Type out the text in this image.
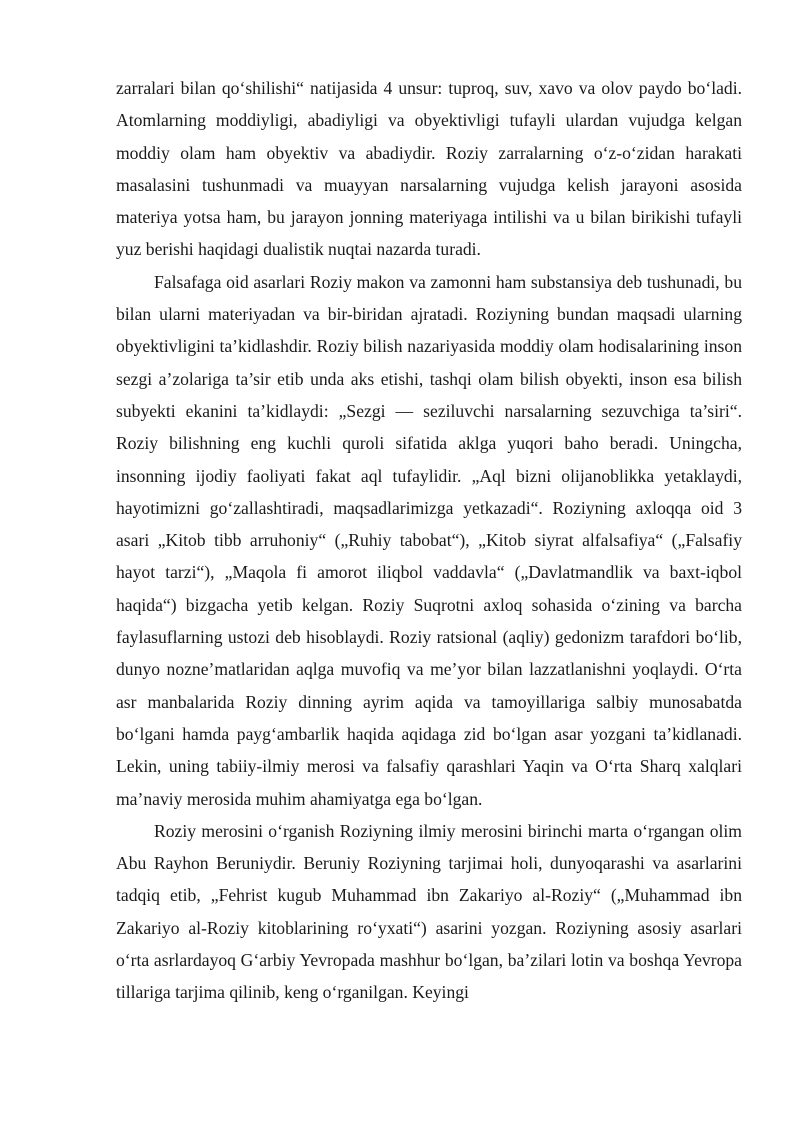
zarralari bilan qo‘shilishi“ natijasida 4 unsur: tuproq, suv, xavo va olov paydo bo‘ladi. Atomlarning moddiyligi, abadiyligi va obyektivligi tufayli ulardan vujudga kelgan moddiy olam ham obyektiv va abadiydir. Roziy zarralarning o‘z-o‘zidan harakati masalasini tushunmadi va muayyan narsalarning vujudga kelish jarayoni asosida materiya yotsa ham, bu jarayon jonning materiyaga intilishi va u bilan birikishi tufayli yuz berishi haqidagi dualistik nuqtai nazarda turadi.

Falsafaga oid asarlari Roziy makon va zamonni ham substansiya deb tushunadi, bu bilan ularni materiyadan va bir-biridan ajratadi. Roziyning bundan maqsadi ularning obyektivligini ta’kidlashdir. Roziy bilish nazariyasida moddiy olam hodisalarining inson sezgi a’zolariga ta’sir etib unda aks etishi, tashqi olam bilish obyekti, inson esa bilish subyekti ekanini ta’kidlaydi: „Sezgi — seziluvchi narsalarning sezuvchiga ta’siri“. Roziy bilishning eng kuchli quroli sifatida aklga yuqori baho beradi. Uningcha, insonning ijodiy faoliyati fakat aql tufaylidir. „Aql bizni olijanoblikka yetaklaydi, hayotimizni go‘zallashtiradi, maqsadlarimizga yetkazadi“. Roziyning axloqqa oid 3 asari „Kitob tibb arruhoniy“ („Ruhiy tabobat“), „Kitob siyrat alfalsafiya“ („Falsafiy hayot tarzi“), „Maqola fi amorot iliqbol vaddavla“ („Davlatmandlik va baxt-iqbol haqida“) bizgacha yetib kelgan. Roziy Suqrotni axloq sohasida o‘zining va barcha faylasuflarning ustozi deb hisoblaydi. Roziy ratsional (aqliy) gedonizm tarafdori bo‘lib, dunyo nozne’matlaridan aqlga muvofiq va me’yor bilan lazzatlanishni yoqlaydi. O‘rta asr manbalarida Roziy dinning ayrim aqida va tamoyillariga salbiy munosabatda bo‘lgani hamda payg‘ambarlik haqida aqidaga zid bo‘lgan asar yozgani ta’kidlanadi. Lekin, uning tabiiy-ilmiy merosi va falsafiy qarashlari Yaqin va O‘rta Sharq xalqlari ma’naviy merosida muhim ahamiyatga ega bo‘lgan.

Roziy merosini o‘rganish Roziyning ilmiy merosini birinchi marta o‘rgangan olim Abu Rayhon Beruniydir. Beruniy Roziyning tarjimai holi, dunyoqarashi va asarlarini tadqiq etib, „Fehrist kugub Muhammad ibn Zakariyo al-Roziy“ („Muhammad ibn Zakariyo al-Roziy kitoblarining ro‘yxati“) asarini yozgan. Roziyning asosiy asarlari o‘rta asrlardayoq G‘arbiy Yevropada mashhur bo‘lgan, ba’zilari lotin va boshqa Yevropa tillariga tarjima qilinib, keng o‘rganilgan. Keyingi
